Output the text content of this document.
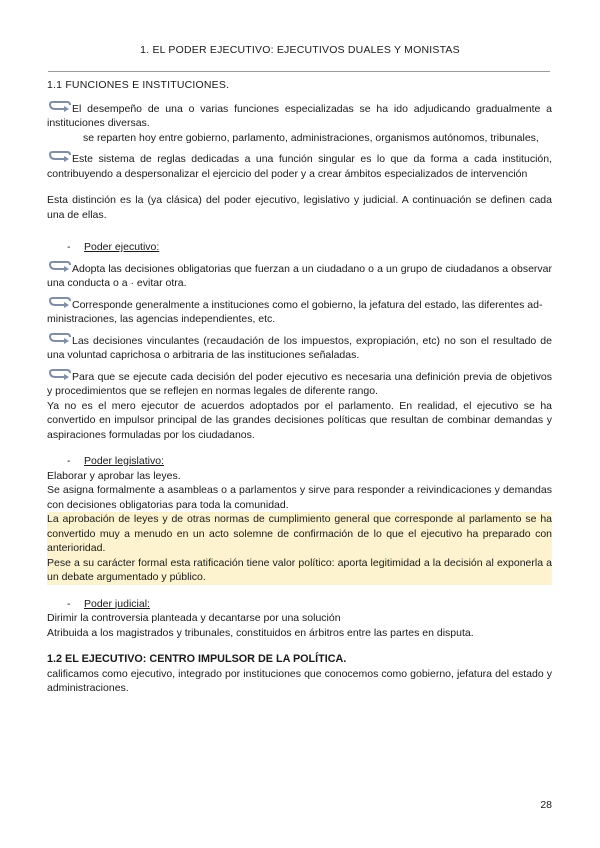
1. EL PODER EJECUTIVO: EJECUTIVOS DUALES Y MONISTAS

1.1 FUNCIONES E INSTITUCIONES.

El desempeño de una o varias funciones especializadas se ha ido adjudicando gradualmente a instituciones diversas.

se reparten hoy entre gobierno, parlamento, administraciones, organismos autónomos, tribunales,

Este sistema de reglas dedicadas a una función singular es lo que da forma a cada institución, contribuyendo a despersonalizar el ejercicio del poder y a crear ámbitos especializados de intervención

Esta distinción es la (ya clásica) del poder ejecutivo, legislativo y judicial. A continuación se definen cada una de ellas.

- Poder ejecutivo:

Adopta las decisiones obligatorias que fuerzan a un ciudadano o a un grupo de ciudadanos a observar una conducta o a · evitar otra.

Corresponde generalmente a instituciones como el gobierno, la jefatura del estado, las diferentes ad-

ministraciones, las agencias independientes, etc.

Las decisiones vinculantes (recaudación de los impuestos, expropiación, etc) no son el resultado de una voluntad caprichosa o arbitraria de las instituciones señaladas.

Para que se ejecute cada decisión del poder ejecutivo es necesaria una definición previa de objetivos y procedimientos que se reflejen en normas legales de diferente rango.

Ya no es el mero ejecutor de acuerdos adoptados por el parlamento. En realidad, el ejecutivo se ha convertido en impulsor principal de las grandes decisiones políticas que resultan de combinar demandas y aspiraciones formuladas por los ciudadanos.

- Poder legislativo:

Elaborar y aprobar las leyes.

Se asigna formalmente a asambleas o a parlamentos y sirve para responder a reivindicaciones y demandas con decisiones obligatorias para toda la comunidad.

La aprobación de leyes y de otras normas de cumplimiento general que corresponde al parlamento se ha convertido muy a menudo en un acto solemne de confirmación de lo que el ejecutivo ha preparado con anterioridad.

Pese a su carácter formal esta ratificación tiene valor político: aporta legitimidad a la decisión al exponerla a un debate argumentado y público.

- Poder judicial:

Dirimir la controversia planteada y decantarse por una solución

Atribuida a los magistrados y tribunales, constituidos en árbitros entre las partes en disputa.

1.2 EL EJECUTIVO: CENTRO IMPULSOR DE LA POLÍTICA.

calificamos como ejecutivo, integrado por instituciones que conocemos como gobierno, jefatura del estado y administraciones.

28
